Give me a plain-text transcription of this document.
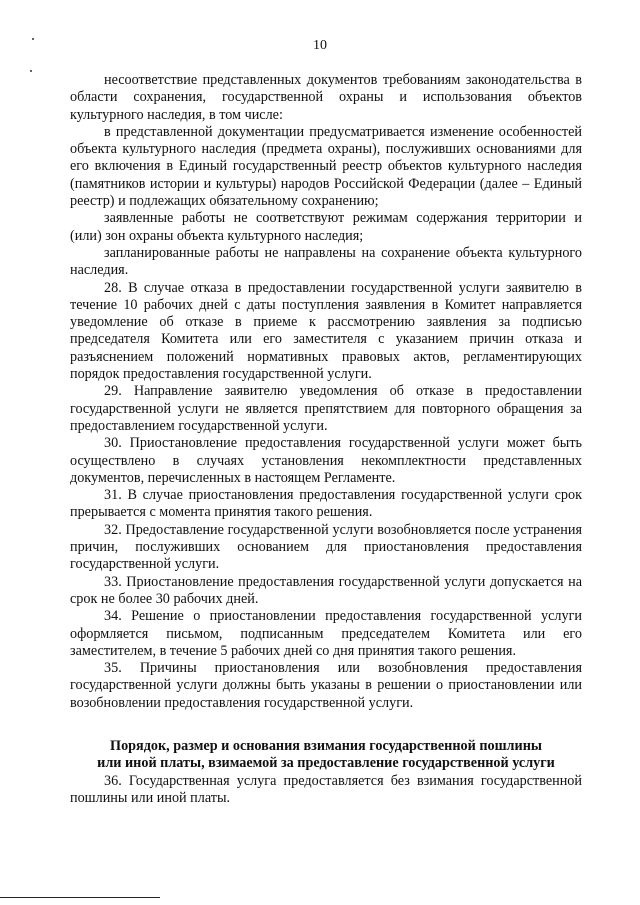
10

несоответствие представленных документов требованиям законодательства в области сохранения, государственной охраны и использования объектов культурного наследия, в том числе:

в представленной документации предусматривается изменение особенностей объекта культурного наследия (предмета охраны), послуживших основаниями для его включения в Единый государственный реестр объектов культурного наследия (памятников истории и культуры) народов Российской Федерации (далее – Единый реестр) и подлежащих обязательному сохранению;

заявленные работы не соответствуют режимам содержания территории и (или) зон охраны объекта культурного наследия;

запланированные работы не направлены на сохранение объекта культурного наследия.

28. В случае отказа в предоставлении государственной услуги заявителю в течение 10 рабочих дней с даты поступления заявления в Комитет направляется уведомление об отказе в приеме к рассмотрению заявления за подписью председателя Комитета или его заместителя с указанием причин отказа и разъяснением положений нормативных правовых актов, регламентирующих порядок предоставления государственной услуги.

29. Направление заявителю уведомления об отказе в предоставлении государственной услуги не является препятствием для повторного обращения за предоставлением государственной услуги.

30. Приостановление предоставления государственной услуги может быть осуществлено в случаях установления некомплектности представленных документов, перечисленных в настоящем Регламенте.

31. В случае приостановления предоставления государственной услуги срок прерывается с момента принятия такого решения.

32. Предоставление государственной услуги возобновляется после устранения причин, послуживших основанием для приостановления предоставления государственной услуги.

33. Приостановление предоставления государственной услуги допускается на срок не более 30 рабочих дней.

34. Решение о приостановлении предоставления государственной услуги оформляется письмом, подписанным председателем Комитета или его заместителем, в течение 5 рабочих дней со дня принятия такого решения.

35. Причины приостановления или возобновления предоставления государственной услуги должны быть указаны в решении о приостановлении или возобновлении предоставления государственной услуги.

Порядок, размер и основания взимания государственной пошлины
или иной платы, взимаемой за предоставление государственной услуги

36. Государственная услуга предоставляется без взимания государственной пошлины или иной платы.
